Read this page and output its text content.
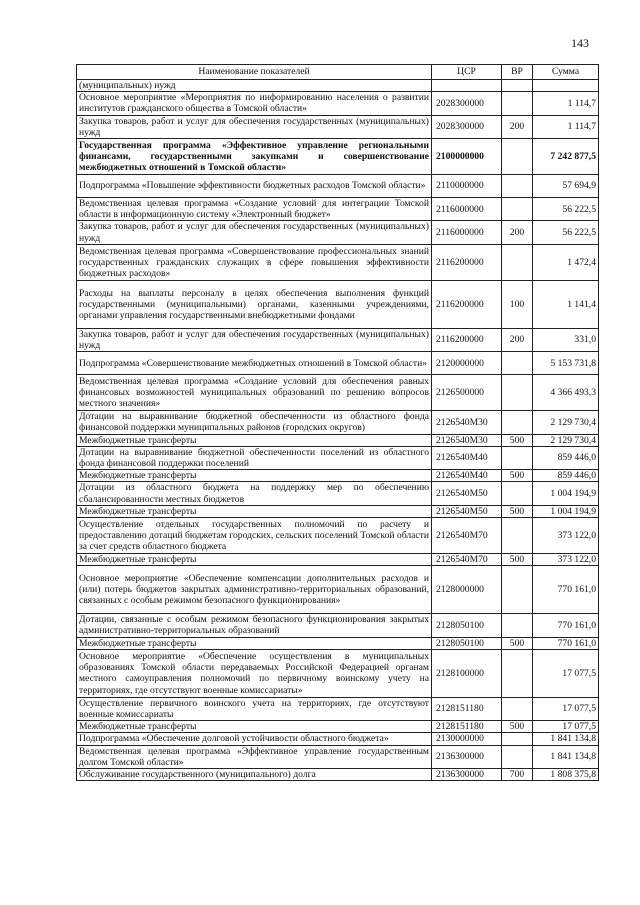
143
Наименование показателей	ЦСР	ВР	Сумма
(муниципальных) нужд			
Основное мероприятие «Мероприятия по информированию населения о развитии институтов гражданского общества в Томской области»	2028300000		1 114,7
Закупка товаров, работ и услуг для обеспечения государственных (муниципальных) нужд	2028300000	200	1 114,7
Государственная программа «Эффективное управление региональными финансами, государственными закупками и совершенствование межбюджетных отношений в Томской области»	2100000000		7 242 877,5
Подпрограмма «Повышение эффективности бюджетных расходов Томской области»	2110000000		57 694,9
Ведомственная целевая программа «Создание условий для интеграции Томской области в информационную систему «Электронный бюджет»	2116000000		56 222,5
Закупка товаров, работ и услуг для обеспечения государственных (муниципальных) нужд	2116000000	200	56 222,5
Ведомственная целевая программа «Совершенствование профессиональных знаний государственных гражданских служащих в сфере повышения эффективности бюджетных расходов»	2116200000		1 472,4
Расходы на выплаты персоналу в целях обеспечения выполнения функций государственными (муниципальными) органами, казенными учреждениями, органами управления государственными внебюджетными фондами	2116200000	100	1 141,4
Закупка товаров, работ и услуг для обеспечения государственных (муниципальных) нужд	2116200000	200	331,0
Подпрограмма «Совершенствование межбюджетных отношений в Томской области»	2120000000		5 153 731,8
Ведомственная целевая программа «Создание условий для обеспечения равных финансовых возможностей муниципальных образований по решению вопросов местного значения»	2126500000		4 366 493,3
Дотации на выравнивание бюджетной обеспеченности из областного фонда финансовой поддержки муниципальных районов (городских округов)	2126540М30		2 129 730,4
Межбюджетные трансферты	2126540М30	500	2 129 730,4
Дотации на выравнивание бюджетной обеспеченности поселений из областного фонда финансовой поддержки поселений	2126540М40		859 446,0
Межбюджетные трансферты	2126540М40	500	859 446,0
Дотации из областного бюджета на поддержку мер по обеспечению сбалансированности местных бюджетов	2126540М50		1 004 194,9
Межбюджетные трансферты	2126540М50	500	1 004 194,9
Осуществление отдельных государственных полномочий по расчету и предоставлению дотаций бюджетам городских, сельских поселений Томской области за счет средств областного бюджета	2126540М70		373 122,0
Межбюджетные трансферты	2126540М70	500	373 122,0
Основное мероприятие «Обеспечение компенсации дополнительных расходов и (или) потерь бюджетов закрытых административно-территориальных образований, связанных с особым режимом безопасного функционирования»	2128000000		770 161,0
Дотации, связанные с особым режимом безопасного функционирования закрытых административно-территориальных образований	2128050100		770 161,0
Межбюджетные трансферты	2128050100	500	770 161,0
Основное мероприятие «Обеспечение осуществления в муниципальных образованиях Томской области передаваемых Российской Федерацией органам местного самоуправления полномочий по первичному воинскому учету на территориях, где отсутствуют военные комиссариаты»	2128100000		17 077,5
Осуществление первичного воинского учета на территориях, где отсутствуют военные комиссариаты	2128151180		17 077,5
Межбюджетные трансферты	2128151180	500	17 077,5
Подпрограмма «Обеспечение долговой устойчивости областного бюджета»	2130000000		1 841 134,8
Ведомственная целевая программа «Эффективное управление государственным долгом Томской области»	2136300000		1 841 134,8
Обслуживание государственного (муниципального) долга	2136300000	700	1 808 375,8
